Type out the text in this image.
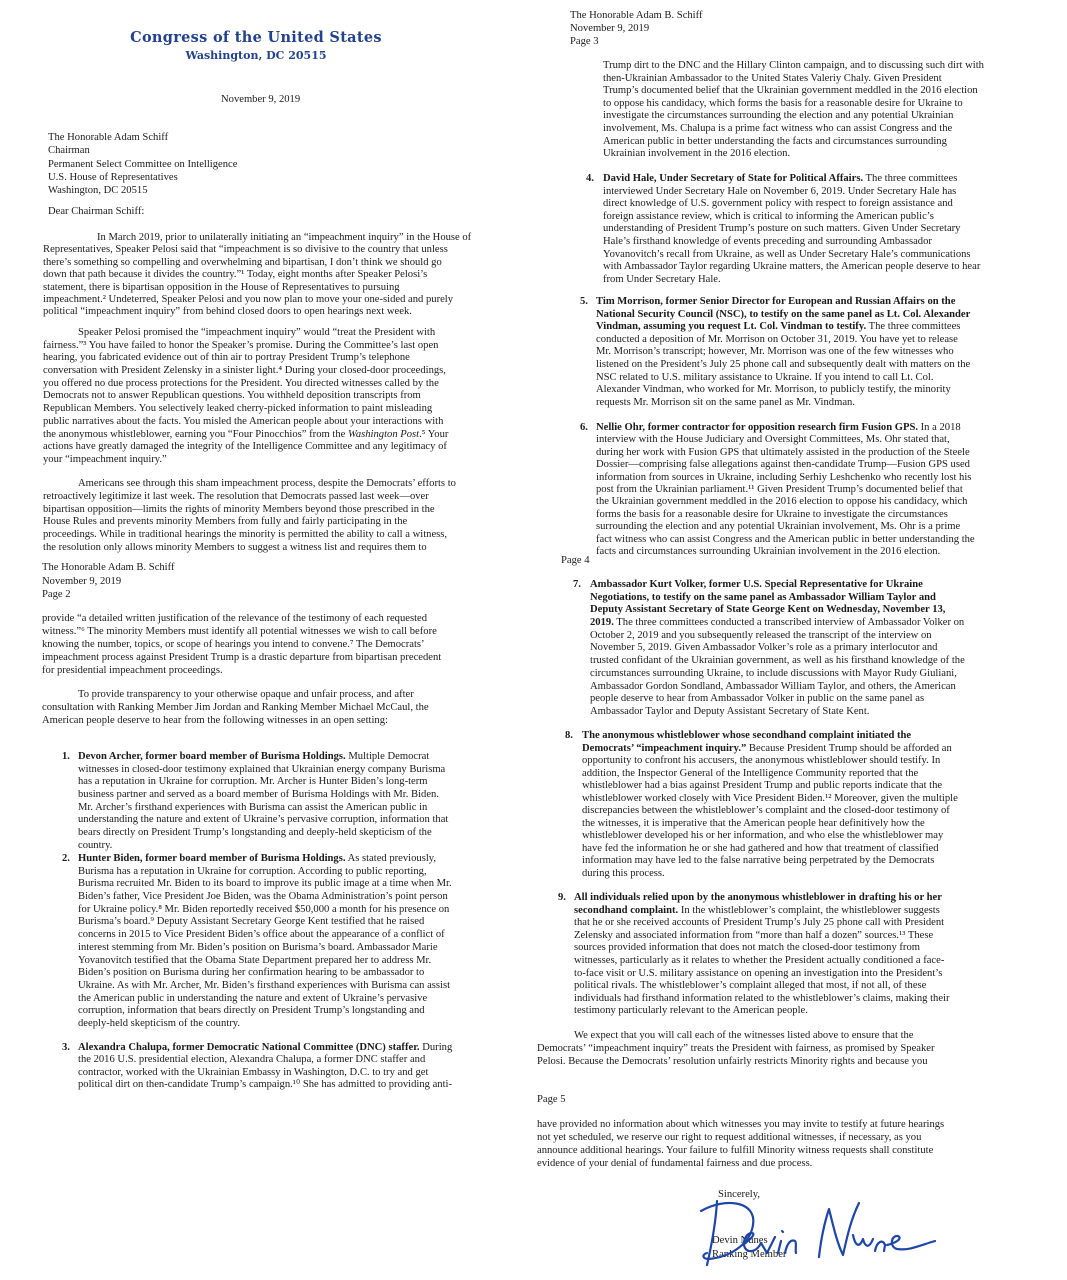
Congress of the United States
Washington, DC 20515
November 9, 2019
The Honorable Adam Schiff
Chairman
Permanent Select Committee on Intelligence
U.S. House of Representatives
Washington, DC 20515
Dear Chairman Schiff:
In March 2019, prior to unilaterally initiating an “impeachment inquiry” in the House of
Representatives, Speaker Pelosi said that “impeachment is so divisive to the country that unless
there’s something so compelling and overwhelming and bipartisan, I don’t think we should go
down that path because it divides the country.”¹ Today, eight months after Speaker Pelosi’s
statement, there is bipartisan opposition in the House of Representatives to pursuing
impeachment.² Undeterred, Speaker Pelosi and you now plan to move your one-sided and purely
political “impeachment inquiry” from behind closed doors to open hearings next week.
Speaker Pelosi promised the “impeachment inquiry” would “treat the President with
fairness.”³ You have failed to honor the Speaker’s promise. During the Committee’s last open
hearing, you fabricated evidence out of thin air to portray President Trump’s telephone
conversation with President Zelensky in a sinister light.⁴ During your closed-door proceedings,
you offered no due process protections for the President. You directed witnesses called by the
Democrats not to answer Republican questions. You withheld deposition transcripts from
Republican Members. You selectively leaked cherry-picked information to paint misleading
public narratives about the facts. You misled the American people about your interactions with
the anonymous whistleblower, earning you “Four Pinocchios” from the Washington Post.⁵ Your
actions have greatly damaged the integrity of the Intelligence Committee and any legitimacy of
your “impeachment inquiry.”
Americans see through this sham impeachment process, despite the Democrats’ efforts to
retroactively legitimize it last week. The resolution that Democrats passed last week—over
bipartisan opposition—limits the rights of minority Members beyond those prescribed in the
House Rules and prevents minority Members from fully and fairly participating in the
proceedings. While in traditional hearings the minority is permitted the ability to call a witness,
the resolution only allows minority Members to suggest a witness list and requires them to
The Honorable Adam B. Schiff
November 9, 2019
Page 2
provide “a detailed written justification of the relevance of the testimony of each requested
witness.”⁶ The minority Members must identify all potential witnesses we wish to call before
knowing the number, topics, or scope of hearings you intend to convene.⁷ The Democrats’
impeachment process against President Trump is a drastic departure from bipartisan precedent
for presidential impeachment proceedings.
To provide transparency to your otherwise opaque and unfair process, and after
consultation with Ranking Member Jim Jordan and Ranking Member Michael McCaul, the
American people deserve to hear from the following witnesses in an open setting:
1. Devon Archer, former board member of Burisma Holdings. Multiple Democrat
witnesses in closed-door testimony explained that Ukrainian energy company Burisma
has a reputation in Ukraine for corruption. Mr. Archer is Hunter Biden’s long-term
business partner and served as a board member of Burisma Holdings with Mr. Biden.
Mr. Archer’s firsthand experiences with Burisma can assist the American public in
understanding the nature and extent of Ukraine’s pervasive corruption, information that
bears directly on President Trump’s longstanding and deeply-held skepticism of the
country.
2. Hunter Biden, former board member of Burisma Holdings. As stated previously,
Burisma has a reputation in Ukraine for corruption. According to public reporting,
Burisma recruited Mr. Biden to its board to improve its public image at a time when Mr.
Biden’s father, Vice President Joe Biden, was the Obama Administration’s point person
for Ukraine policy.⁸ Mr. Biden reportedly received $50,000 a month for his presence on
Burisma’s board.⁹ Deputy Assistant Secretary George Kent testified that he raised
concerns in 2015 to Vice President Biden’s office about the appearance of a conflict of
interest stemming from Mr. Biden’s position on Burisma’s board. Ambassador Marie
Yovanovitch testified that the Obama State Department prepared her to address Mr.
Biden’s position on Burisma during her confirmation hearing to be ambassador to
Ukraine. As with Mr. Archer, Mr. Biden’s firsthand experiences with Burisma can assist
the American public in understanding the nature and extent of Ukraine’s pervasive
corruption, information that bears directly on President Trump’s longstanding and
deeply-held skepticism of the country.
3. Alexandra Chalupa, former Democratic National Committee (DNC) staffer. During
the 2016 U.S. presidential election, Alexandra Chalupa, a former DNC staffer and
contractor, worked with the Ukrainian Embassy in Washington, D.C. to try and get
political dirt on then-candidate Trump’s campaign.¹⁰ She has admitted to providing anti-
The Honorable Adam B. Schiff
November 9, 2019
Page 3
Trump dirt to the DNC and the Hillary Clinton campaign, and to discussing such dirt with
then-Ukrainian Ambassador to the United States Valeriy Chaly. Given President
Trump’s documented belief that the Ukrainian government meddled in the 2016 election
to oppose his candidacy, which forms the basis for a reasonable desire for Ukraine to
investigate the circumstances surrounding the election and any potential Ukrainian
involvement, Ms. Chalupa is a prime fact witness who can assist Congress and the
American public in better understanding the facts and circumstances surrounding
Ukrainian involvement in the 2016 election.
4. David Hale, Under Secretary of State for Political Affairs. The three committees
interviewed Under Secretary Hale on November 6, 2019. Under Secretary Hale has
direct knowledge of U.S. government policy with respect to foreign assistance and
foreign assistance review, which is critical to informing the American public’s
understanding of President Trump’s posture on such matters. Given Under Secretary
Hale’s firsthand knowledge of events preceding and surrounding Ambassador
Yovanovitch’s recall from Ukraine, as well as Under Secretary Hale’s communications
with Ambassador Taylor regarding Ukraine matters, the American people deserve to hear
from Under Secretary Hale.
5. Tim Morrison, former Senior Director for European and Russian Affairs on the
National Security Council (NSC), to testify on the same panel as Lt. Col. Alexander
Vindman, assuming you request Lt. Col. Vindman to testify. The three committees
conducted a deposition of Mr. Morrison on October 31, 2019. You have yet to release
Mr. Morrison’s transcript; however, Mr. Morrison was one of the few witnesses who
listened on the President’s July 25 phone call and subsequently dealt with matters on the
NSC related to U.S. military assistance to Ukraine. If you intend to call Lt. Col.
Alexander Vindman, who worked for Mr. Morrison, to publicly testify, the minority
requests Mr. Morrison sit on the same panel as Mr. Vindman.
6. Nellie Ohr, former contractor for opposition research firm Fusion GPS. In a 2018
interview with the House Judiciary and Oversight Committees, Ms. Ohr stated that,
during her work with Fusion GPS that ultimately assisted in the production of the Steele
Dossier—comprising false allegations against then-candidate Trump—Fusion GPS used
information from sources in Ukraine, including Serhiy Leshchenko who recently lost his
post from the Ukrainian parliament.¹¹ Given President Trump’s documented belief that
the Ukrainian government meddled in the 2016 election to oppose his candidacy, which
forms the basis for a reasonable desire for Ukraine to investigate the circumstances
surrounding the election and any potential Ukrainian involvement, Ms. Ohr is a prime
fact witness who can assist Congress and the American public in better understanding the
facts and circumstances surrounding Ukrainian involvement in the 2016 election.
Page 4
7. Ambassador Kurt Volker, former U.S. Special Representative for Ukraine
Negotiations, to testify on the same panel as Ambassador William Taylor and
Deputy Assistant Secretary of State George Kent on Wednesday, November 13,
2019. The three committees conducted a transcribed interview of Ambassador Volker on
October 2, 2019 and you subsequently released the transcript of the interview on
November 5, 2019. Given Ambassador Volker’s role as a primary interlocutor and
trusted confidant of the Ukrainian government, as well as his firsthand knowledge of the
circumstances surrounding Ukraine, to include discussions with Mayor Rudy Giuliani,
Ambassador Gordon Sondland, Ambassador William Taylor, and others, the American
people deserve to hear from Ambassador Volker in public on the same panel as
Ambassador Taylor and Deputy Assistant Secretary of State Kent.
8. The anonymous whistleblower whose secondhand complaint initiated the
Democrats’ “impeachment inquiry.” Because President Trump should be afforded an
opportunity to confront his accusers, the anonymous whistleblower should testify. In
addition, the Inspector General of the Intelligence Community reported that the
whistleblower had a bias against President Trump and public reports indicate that the
whistleblower worked closely with Vice President Biden.¹² Moreover, given the multiple
discrepancies between the whistleblower’s complaint and the closed-door testimony of
the witnesses, it is imperative that the American people hear definitively how the
whistleblower developed his or her information, and who else the whistleblower may
have fed the information he or she had gathered and how that treatment of classified
information may have led to the false narrative being perpetrated by the Democrats
during this process.
9. All individuals relied upon by the anonymous whistleblower in drafting his or her
secondhand complaint. In the whistleblower’s complaint, the whistleblower suggests
that he or she received accounts of President Trump’s July 25 phone call with President
Zelensky and associated information from “more than half a dozen” sources.¹³ These
sources provided information that does not match the closed-door testimony from
witnesses, particularly as it relates to whether the President actually conditioned a face-
to-face visit or U.S. military assistance on opening an investigation into the President’s
political rivals. The whistleblower’s complaint alleged that most, if not all, of these
individuals had firsthand information related to the whistleblower’s claims, making their
testimony particularly relevant to the American people.
We expect that you will call each of the witnesses listed above to ensure that the
Democrats’ “impeachment inquiry” treats the President with fairness, as promised by Speaker
Pelosi. Because the Democrats’ resolution unfairly restricts Minority rights and because you
Page 5
have provided no information about which witnesses you may invite to testify at future hearings
not yet scheduled, we reserve our right to request additional witnesses, if necessary, as you
announce additional hearings. Your failure to fulfill Minority witness requests shall constitute
evidence of your denial of fundamental fairness and due process.
Sincerely,
Devin Nunes
Ranking Member
